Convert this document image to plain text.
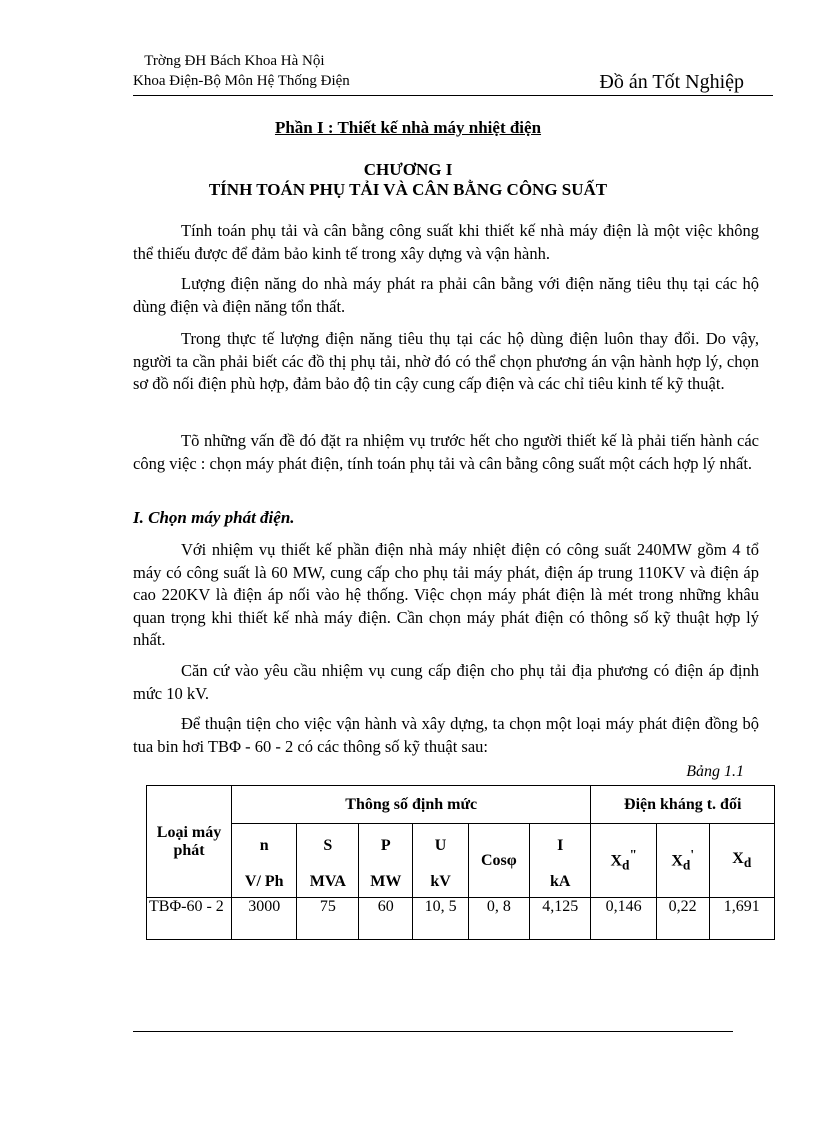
Trờng ĐH Bách Khoa Hà Nội
Khoa Điện-Bộ Môn Hệ Thống Điện	Đồ án Tốt Nghiệp
Phần I : Thiết kế nhà máy nhiệt điện
CHƯƠNG I
TÍNH TOÁN PHỤ TẢI VÀ CÂN BẰNG CÔNG SUẤT

Tính toán phụ tải và cân bằng công suất khi thiết kế nhà máy điện là một việc không thể thiếu được để đảm bảo kinh tế trong xây dựng và vận hành.

Lượng điện năng do nhà máy phát ra phải cân bằng với điện năng tiêu thụ tại các hộ dùng điện và điện năng tổn thất.

Trong thực tế lượng điện năng tiêu thụ tại các hộ dùng điện luôn thay đổi. Do vậy, người ta cần phải biết các đồ thị phụ tải, nhờ đó có thể chọn phương án vận hành hợp lý, chọn sơ đồ nối điện phù hợp, đảm bảo độ tin cậy cung cấp điện và các chỉ tiêu kinh tế kỹ thuật.

Tõ những vấn đề đó đặt ra nhiệm vụ trước hết cho người thiết kế là phải tiến hành các công việc : chọn máy phát điện, tính toán phụ tải và cân bằng công suất một cách hợp lý nhất.

I. Chọn máy phát điện.

Với nhiệm vụ thiết kế phần điện nhà máy nhiệt điện có công suất 240MW gồm 4 tổ máy có công suất là 60 MW, cung cấp cho phụ tải máy phát, điện áp trung 110KV và điện áp cao 220KV là điện áp nối vào hệ thống. Việc chọn máy phát điện là mét trong những khâu quan trọng khi thiết kế nhà máy điện. Cần chọn máy phát điện có thông số kỹ thuật hợp lý nhất.

Căn cứ vào yêu cầu nhiệm vụ cung cấp điện cho phụ tải địa phương có điện áp định mức 10 kV.

Để thuận tiện cho việc vận hành và xây dựng, ta chọn một loại máy phát điện đồng bộ tua bin hơi TBΦ - 60 - 2 có các thông số kỹ thuật sau:

Bảng 1.1
Loại máy phát	Thông số định mức						Điện kháng t. đối		
	n	S	P	U	Cosφ	I	$X_d^"$	$X_d'$	$X_d$
	V/ Ph	MVA	MW	kV		kA			
TBΦ-60 - 2	3000	75	60	10, 5	0, 8	4,125	0,146	0,22	1,691
